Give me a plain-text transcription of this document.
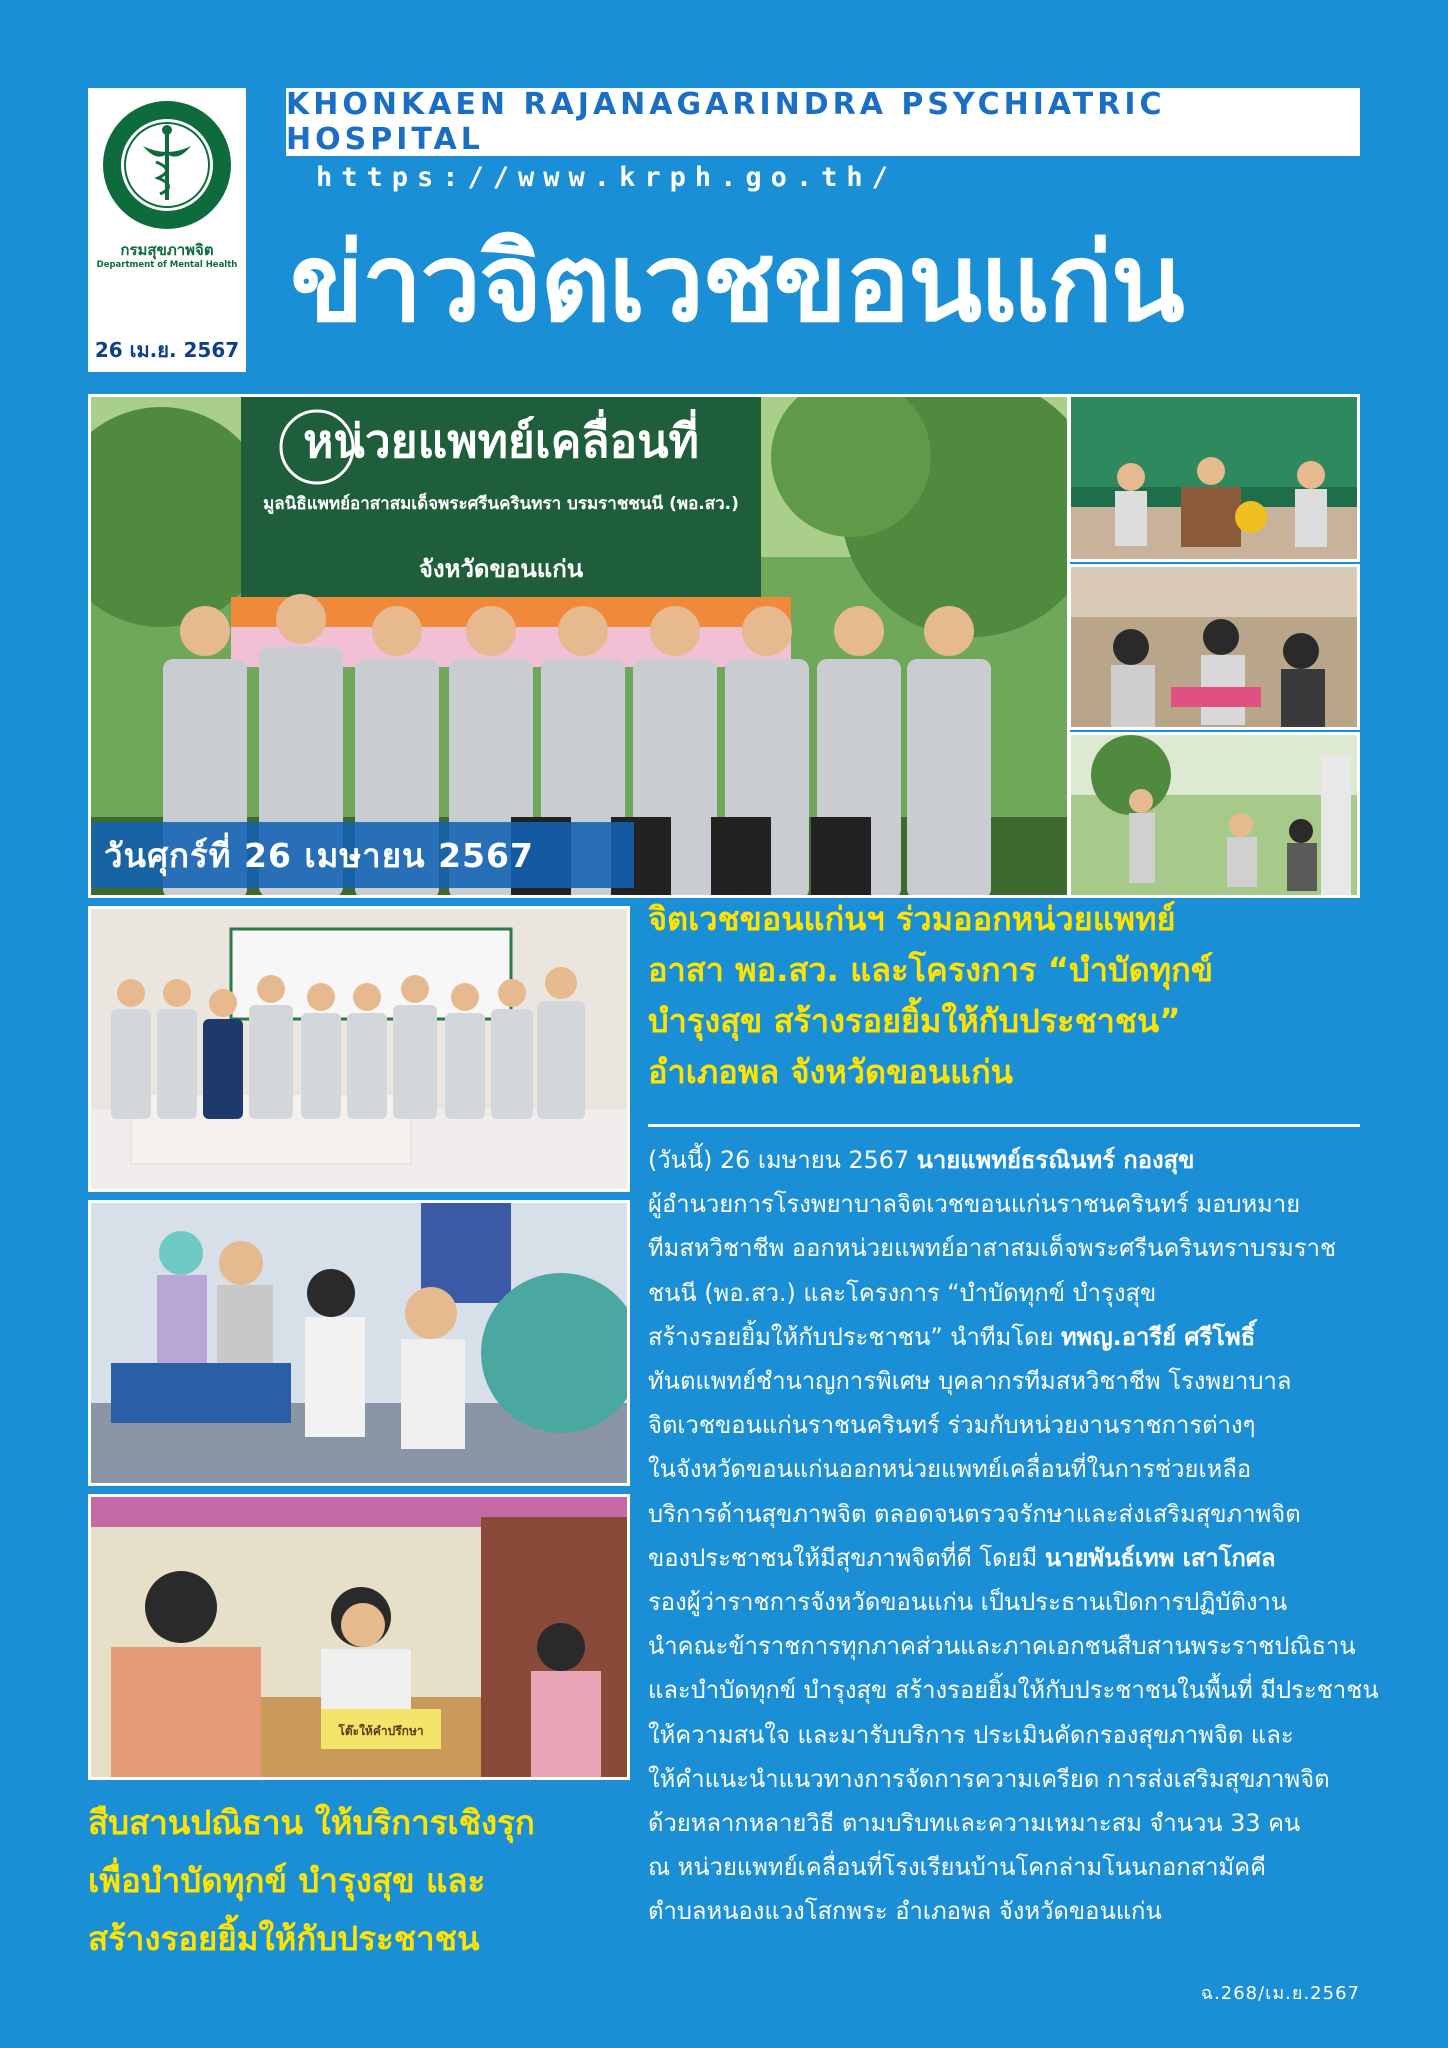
กรมสุขภาพจิต
Department of Mental Health
26 เม.ย. 2567
KHONKAEN RAJANAGARINDRA PSYCHIATRIC HOSPITAL
https://www.krph.go.th/
ข่าวจิตเวชขอนแก่น
หน่วยแพทย์เคลื่อนที่
มูลนิธิแพทย์อาสาสมเด็จพระศรีนครินทรา บรมราชชนนี (พอ.สว.)
จังหวัดขอนแก่น
วันศุกร์ที่ 26 เมษายน 2567
โต๊ะให้คำปรึกษา
จิตเวชขอนแก่นฯ ร่วมออกหน่วยแพทย์
อาสา พอ.สว. และโครงการ “บำบัดทุกข์
บำรุงสุข สร้างรอยยิ้มให้กับประชาชน”
อำเภอพล จังหวัดขอนแก่น

(วันนี้) 26 เมษายน 2567 นายแพทย์ธรณินทร์ กองสุข

ผู้อำนวยการโรงพยาบาลจิตเวชขอนแก่นราชนครินทร์ มอบหมาย

ทีมสหวิชาชีพ ออกหน่วยแพทย์อาสาสมเด็จพระศรีนครินทราบรมราชชนนี (พอ.สว.) และโครงการ “บำบัดทุกข์ บำรุงสุข

สร้างรอยยิ้มให้กับประชาชน” นำทีมโดย ทพญ.อารีย์ ศรีโพธิ์

ทันตแพทย์ชำนาญการพิเศษ บุคลากรทีมสหวิชาชีพ โรงพยาบาล

จิตเวชขอนแก่นราชนครินทร์ ร่วมกับหน่วยงานราชการต่างๆ

ในจังหวัดขอนแก่นออกหน่วยแพทย์เคลื่อนที่ในการช่วยเหลือ

บริการด้านสุขภาพจิต ตลอดจนตรวจรักษาและส่งเสริมสุขภาพจิต

ของประชาชนให้มีสุขภาพจิตที่ดี โดยมี นายพันธ์เทพ เสาโกศล

รองผู้ว่าราชการจังหวัดขอนแก่น เป็นประธานเปิดการปฏิบัติงาน

นำคณะข้าราชการทุกภาคส่วนและภาคเอกชนสืบสานพระราชปณิธาน

และบำบัดทุกข์ บำรุงสุข สร้างรอยยิ้มให้กับประชาชนในพื้นที่ มีประชาชน

ให้ความสนใจ และมารับบริการ ประเมินคัดกรองสุขภาพจิต และ

ให้คำแนะนำแนวทางการจัดการความเครียด การส่งเสริมสุขภาพจิต

ด้วยหลากหลายวิธี ตามบริบทและความเหมาะสม จำนวน 33 คน

ณ หน่วยแพทย์เคลื่อนที่โรงเรียนบ้านโคกล่ามโนนกอกสามัคคี

ตำบลหนองแวงโสกพระ อำเภอพล จังหวัดขอนแก่น

สืบสานปณิธาน ให้บริการเชิงรุก
เพื่อบำบัดทุกข์ บำรุงสุข และ
สร้างรอยยิ้มให้กับประชาชน
ฉ.268/เม.ย.2567
